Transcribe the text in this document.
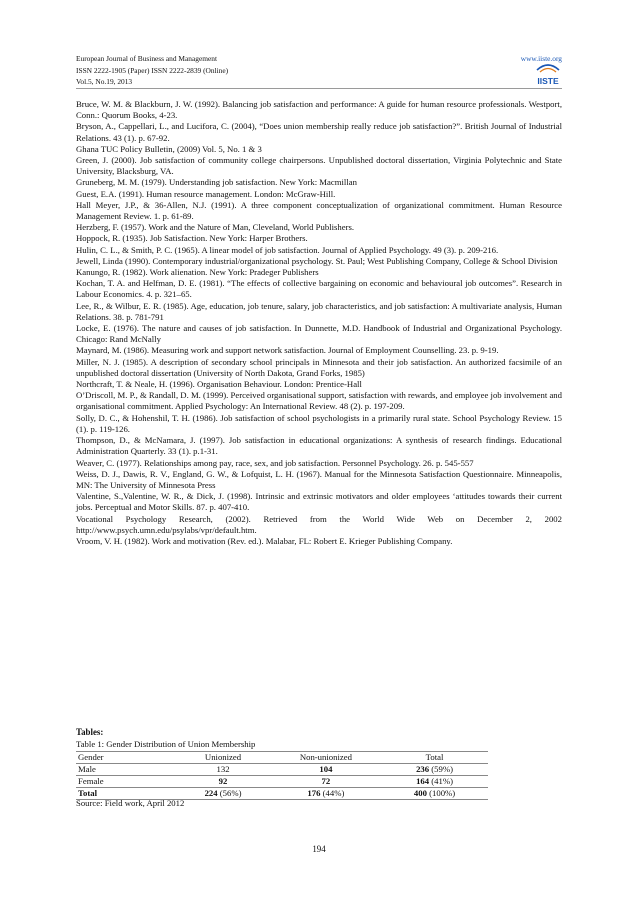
European Journal of Business and Management	www.iiste.org
ISSN 2222-1905 (Paper) ISSN 2222-2839 (Online)
Vol.5, No.19, 2013	IISTE
Bruce, W. M. & Blackburn, J. W. (1992). Balancing job satisfaction and performance: A guide for human resource professionals. Westport, Conn.: Quorum Books, 4-23.
Bryson, A., Cappellari, L., and Lucifora, C. (2004), “Does union membership really reduce job satisfaction?”. British Journal of Industrial Relations. 43 (1). p. 67-92.
Ghana TUC Policy Bulletin, (2009) Vol. 5, No. 1 & 3
Green, J. (2000). Job satisfaction of community college chairpersons. Unpublished doctoral dissertation, Virginia Polytechnic and State University, Blacksburg, VA.
Gruneberg, M. M. (1979). Understanding job satisfaction. New York: Macmillan
Guest, E.A. (1991). Human resource management. London: McGraw-Hill.
Hall Meyer, J.P., & 36-Allen, N.J. (1991). A three component conceptualization of organizational commitment. Human Resource Management Review. 1. p. 61-89.
Herzberg, F. (1957). Work and the Nature of Man, Cleveland, World Publishers.
Hoppock, R. (1935). Job Satisfaction. New York: Harper Brothers.
Hulin, C. L., & Smith, P. C. (1965). A linear model of job satisfaction. Journal of Applied Psychology. 49 (3). p. 209-216.
Jewell, Linda (1990). Contemporary industrial/organizational psychology. St. Paul; West Publishing Company, College & School Division
Kanungo, R. (1982). Work alienation. New York: Pradeger Publishers
Kochan, T. A. and Helfman, D. E. (1981). “The effects of collective bargaining on economic and behavioural job outcomes”. Research in Labour Economics. 4. p. 321–65.
Lee, R., & Wilbur, E. R. (1985). Age, education, job tenure, salary, job characteristics, and job satisfaction: A multivariate analysis, Human Relations. 38. p. 781-791
Locke, E. (1976). The nature and causes of job satisfaction. In Dunnette, M.D. Handbook of Industrial and Organizational Psychology. Chicago: Rand McNally
Maynard, M. (1986). Measuring work and support network satisfaction. Journal of Employment Counselling. 23. p. 9-19.
Miller, N. J. (1985). A description of secondary school principals in Minnesota and their job satisfaction. An authorized facsimile of an unpublished doctoral dissertation (University of North Dakota, Grand Forks, 1985)
Northcraft, T. & Neale, H. (1996). Organisation Behaviour. London: Prentice-Hall
O’Driscoll, M. P., & Randall, D. M. (1999). Perceived organisational support, satisfaction with rewards, and employee job involvement and organisational commitment. Applied Psychology: An International Review. 48 (2). p. 197-209.
Solly, D. C., & Hohenshil, T. H. (1986). Job satisfaction of school psychologists in a primarily rural state. School Psychology Review. 15 (1). p. 119-126.
Thompson, D., & McNamara, J. (1997). Job satisfaction in educational organizations: A synthesis of research findings. Educational Administration Quarterly. 33 (1). p.1-31.
Weaver, C. (1977). Relationships among pay, race, sex, and job satisfaction. Personnel Psychology. 26. p. 545-557
Weiss, D. J., Dawis, R. V., England, G. W., & Lofquist, L. H. (1967). Manual for the Minnesota Satisfaction Questionnaire. Minneapolis, MN: The University of Minnesota Press
Valentine, S.,Valentine, W. R., & Dick, J. (1998). Intrinsic and extrinsic motivators and older employees ‘attitudes towards their current jobs. Perceptual and Motor Skills. 87. p. 407-410.
Vocational Psychology Research, (2002). Retrieved from the World Wide Web on December 2, 2002 http://www.psych.umn.edu/psylabs/vpr/default.htm.
Vroom, V. H. (1982). Work and motivation (Rev. ed.). Malabar, FL: Robert E. Krieger Publishing Company.
Tables:
Table 1: Gender Distribution of Union Membership
Gender	Unionized	Non-unionized	Total
Male	132	104	236 (59%)
Female	92	72	164 (41%)
Total	224 (56%)	176 (44%)	400 (100%)
Source: Field work, April 2012
194
